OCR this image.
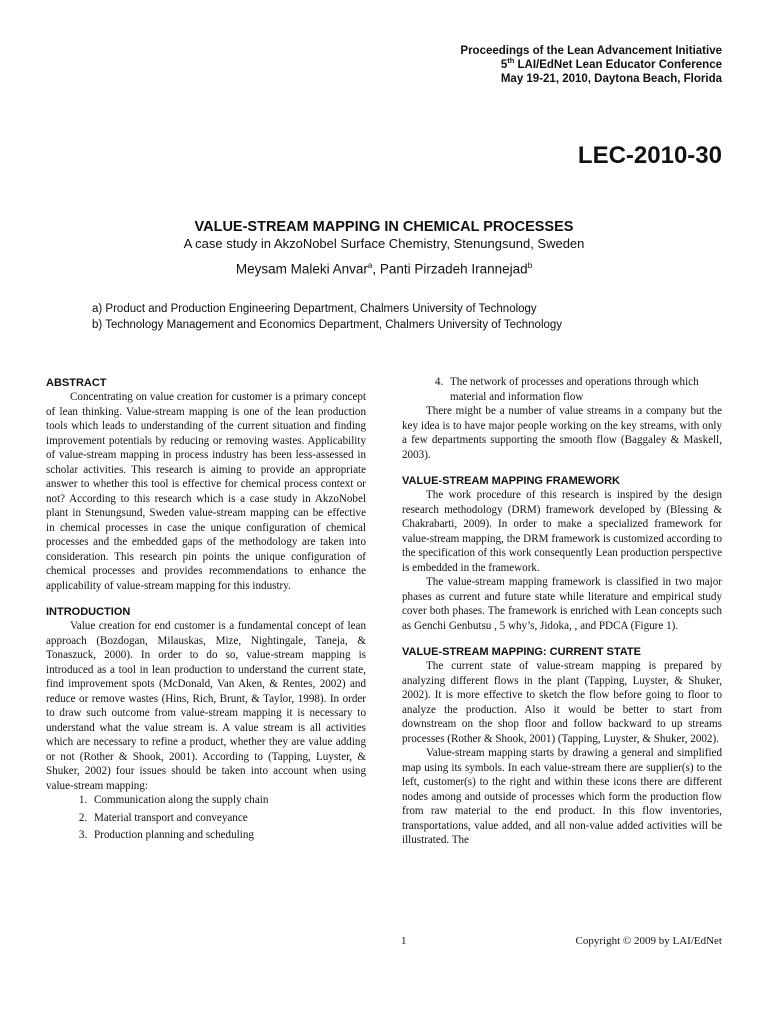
Proceedings of the Lean Advancement Initiative
5th LAI/EdNet Lean Educator Conference
May 19-21, 2010, Daytona Beach, Florida
LEC-2010-30
VALUE-STREAM MAPPING IN CHEMICAL PROCESSES
A case study in AkzoNobel Surface Chemistry, Stenungsund, Sweden
Meysam Maleki Anvar$^a$, Panti Pirzadeh Irannejad$^b$
a) Product and Production Engineering Department, Chalmers University of Technology
b) Technology Management and Economics Department, Chalmers University of Technology
ABSTRACT

Concentrating on value creation for customer is a primary concept of lean thinking. Value-stream mapping is one of the lean production tools which leads to understanding of the current situation and finding improvement potentials by reducing or removing wastes. Applicability of value-stream mapping in process industry has been less-assessed in scholar activities. This research is aiming to provide an appropriate answer to whether this tool is effective for chemical process context or not? According to this research which is a case study in AkzoNobel plant in Stenungsund, Sweden value-stream mapping can be effective in chemical processes in case the unique configuration of chemical processes and the embedded gaps of the methodology are taken into consideration. This research pin points the unique configuration of chemical processes and provides recommendations to enhance the applicability of value-stream mapping for this industry.

INTRODUCTION

Value creation for end customer is a fundamental concept of lean approach (Bozdogan, Milauskas, Mize, Nightingale, Taneja, & Tonaszuck, 2000). In order to do so, value-stream mapping is introduced as a tool in lean production to understand the current state, find improvement spots (McDonald, Van Aken, & Rentes, 2002) and reduce or remove wastes (Hins, Rich, Brunt, & Taylor, 1998). In order to draw such outcome from value-stream mapping it is necessary to understand what the value stream is. A value stream is all activities which are necessary to refine a product, whether they are value adding or not (Rother & Shook, 2001). According to (Tapping, Luyster, & Shuker, 2002) four issues should be taken into account when using value-stream mapping:

1. Communication along the supply chain
2. Material transport and conveyance
3. Production planning and scheduling
4. The network of processes and operations through which material and information flow

There might be a number of value streams in a company but the key idea is to have major people working on the key streams, with only a few departments supporting the smooth flow (Baggaley & Maskell, 2003).

VALUE-STREAM MAPPING FRAMEWORK

The work procedure of this research is inspired by the design research methodology (DRM) framework developed by (Blessing & Chakrabarti, 2009). In order to make a specialized framework for value-stream mapping, the DRM framework is customized according to the specification of this work consequently Lean production perspective is embedded in the framework.

The value-stream mapping framework is classified in two major phases as current and future state while literature and empirical study cover both phases. The framework is enriched with Lean concepts such as Genchi Genbutsu , 5 why’s, Jidoka, , and PDCA (Figure 1).

VALUE-STREAM MAPPING: CURRENT STATE

The current state of value-stream mapping is prepared by analyzing different flows in the plant (Tapping, Luyster, & Shuker, 2002). It is more effective to sketch the flow before going to floor to analyze the production. Also it would be better to start from downstream on the shop floor and follow backward to up streams processes (Rother & Shook, 2001) (Tapping, Luyster, & Shuker, 2002).

Value-stream mapping starts by drawing a general and simplified map using its symbols. In each value-stream there are supplier(s) to the left, customer(s) to the right and within these icons there are different nodes among and outside of processes which form the production flow from raw material to the end product. In this flow inventories, transportations, value added, and all non-value added activities will be illustrated. The

1	Copyright © 2009 by LAI/EdNet
